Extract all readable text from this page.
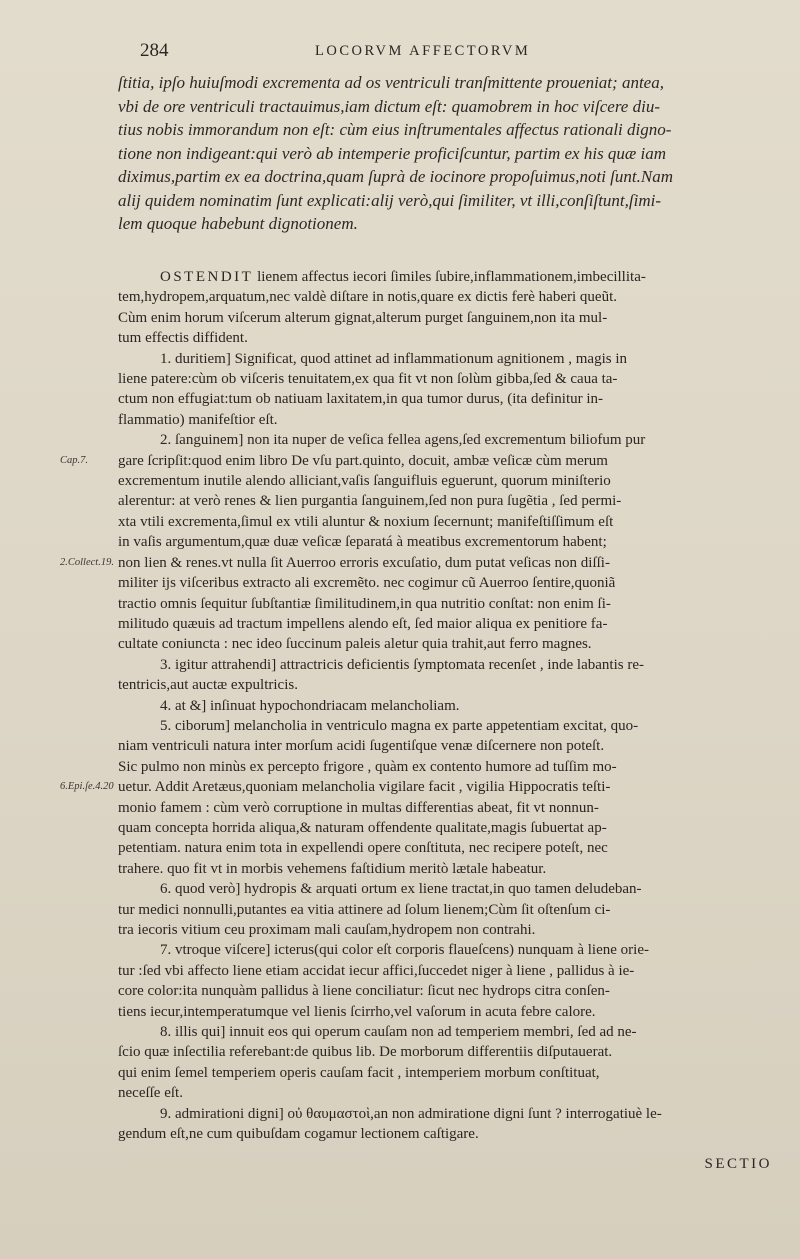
284	LOCORVM AFFECTORVM
ſtitia, ipſo huiuſmodi excrementa ad os ventriculi tranſmittente proueniat; antea,
vbi de ore ventriculi tractauimus,iam dictum eſt: quamobrem in hoc viſcere diu-
tius nobis immorandum non eſt: cùm eius inſtrumentales affectus rationali digno-
tione non indigeant:qui verò ab intemperie proficiſcuntur, partim ex his quæ iam
diximus,partim ex ea doctrina,quam ſuprà de iocinore propoſuimus,noti ſunt.Nam
alij quidem nominatim ſunt explicati:alij verò,qui ſimiliter, vt illi,conſiſtunt,ſimi-
lem quoque habebunt dignotionem.
OSTENDIT lienem affectus iecori ſimiles ſubire,inflammationem,imbecillita-
tem,hydropem,arquatum,nec valdè diſtare in notis,quare ex dictis ferè haberi queũt.
Cùm enim horum viſcerum alterum gignat,alterum purget ſanguinem,non ita mul-
tum effectis diffident.
1. duritiem] Significat, quod attinet ad inflammationum agnitionem , magis in
liene patere:cùm ob viſceris tenuitatem,ex qua fit vt non ſolùm gibba,ſed & caua ta-
ctum non effugiat:tum ob natiuam laxitatem,in qua tumor durus, (ita definitur in-
flammatio) manifeſtior eſt.
2. ſanguinem] non ita nuper de veſica fellea agens,ſed excrementum biliofum pur
gare ſcripſit:quod enim libro De vſu part.quinto, docuit, ambæ veſicæ cùm merum
excrementum inutile alendo alliciant,vaſis ſanguifluis eguerunt, quorum miniſterio
alerentur: at verò renes & lien purgantia ſanguinem,ſed non pura ſugẽtia , ſed permi-
xta vtili excrementa,ſimul ex vtili aluntur & noxium ſecernunt; manifeſtiſſimum eſt
in vaſis argumentum,quæ duæ veſicæ ſeparatá à meatibus excrementorum habent;
non lien & renes.vt nulla ſit Auerroo erroris excuſatio, dum putat veſicas non diſſi-
militer ijs viſceribus extracto ali excremẽto. nec cogimur cũ Auerroo ſentire,quoniã
tractio omnis ſequitur ſubſtantiæ ſimilitudinem,in qua nutritio conſtat: non enim ſi-
militudo quæuis ad tractum impellens alendo eſt, ſed maior aliqua ex penitiore fa-
cultate coniuncta : nec ideo ſuccinum paleis aletur quia trahit,aut ferro magnes.
3. igitur attrahendi] attractricis deficientis ſymptomata recenſet , inde labantis re-
tentricis,aut auctæ expultricis.
4. at &] inſinuat hypochondriacam melancholiam.
5. ciborum] melancholia in ventriculo magna ex parte appetentiam excitat, quo-
niam ventriculi natura inter morſum acidi ſugentiſque venæ diſcernere non poteſt.
Sic pulmo non minùs ex percepto frigore , quàm ex contento humore ad tuſſim mo-
uetur. Addit Aretæus,quoniam melancholia vigilare facit , vigilia Hippocratis teſti-
monio famem : cùm verò corruptione in multas differentias abeat, fit vt nonnun-
quam concepta horrida aliqua,& naturam offendente qualitate,magis ſubuertat ap-
petentiam. natura enim tota in expellendi opere conſtituta, nec recipere poteſt, nec
trahere. quo fit vt in morbis vehemens faſtidium meritò lætale habeatur.
6. quod verò] hydropis & arquati ortum ex liene tractat,in quo tamen deludeban-
tur medici nonnulli,putantes ea vitia attinere ad ſolum lienem;Cùm ſit oſtenſum ci-
tra iecoris vitium ceu proximam mali cauſam,hydropem non contrahi.
7. vtroque viſcere] icterus(qui color eſt corporis flaueſcens) nunquam à liene orie-
tur :ſed vbi affecto liene etiam accidat iecur affici,ſuccedet niger à liene , pallidus à ie-
core color:ita nunquàm pallidus à liene conciliatur: ſicut nec hydrops citra conſen-
tiens iecur,intemperatumque vel lienis ſcirrho,vel vaſorum in acuta febre calore.
8. illis qui] innuit eos qui operum cauſam non ad temperiem membri, ſed ad ne-
ſcio quæ inſectilia referebant:de quibus lib. De morborum differentiis diſputauerat.
qui enim ſemel temperiem operis cauſam facit , intemperiem morbum conſtituat,
neceſſe eſt.
9. admirationi digni] οὐ θαυμαστοὶ,an non admiratione digni ſunt ? interrogatiuè le-
gendum eſt,ne cum quibuſdam cogamur lectionem caſtigare.
Cap.7.
2.Collect.19.
6.Epi.ſe.4.20
SECTIO
